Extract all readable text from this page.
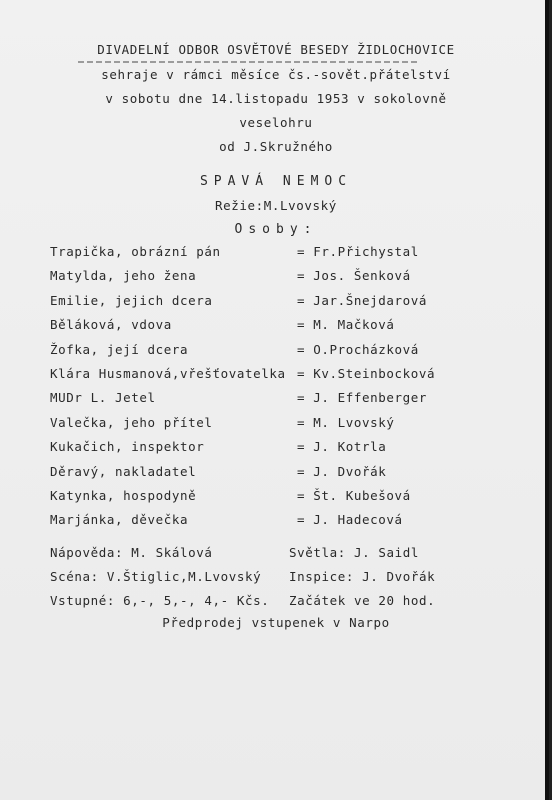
DIVADELNÍ ODBOR OSVĚTOVÉ BESEDY ŽIDLOCHOVICE
sehraje v rámci měsíce čs.-sovět.přátelství
v sobotu dne 14.listopadu 1953 v sokolovně
veselohru
od J.Skružného
SPAVÁ NEMOC
Režie:M.Lvovský
Osoby:
Trapička, obrázní pán	= Fr.Přichystal
Matylda, jeho žena	= Jos. Šenková
Emilie, jejich dcera	= Jar.Šnejdarová
Běláková, vdova	= M. Mačková
Žofka, její dcera	= O.Procházková
Klára Husmanová,vřešťovatelka = Kv.Steinbocková
MUDr L. Jetel	= J. Effenberger
Valečka, jeho přítel	= M. Lvovský
Kukačich, inspektor	= J. Kotrla
Děravý, nakladatel	= J. Dvořák
Katynka, hospodyně	= Št. Kubešová
Marjánka, děvečka	= J. Hadecová
Nápověda: M. Skálová	Světla: J. Saidl
Scéna: V.Štiglic,M.Lvovský Inspice: J. Dvořák
Vstupné: 6,-, 5,-, 4,- Kčs. Začátek ve 20 hod.
Předprodej vstupenek v Narpo
